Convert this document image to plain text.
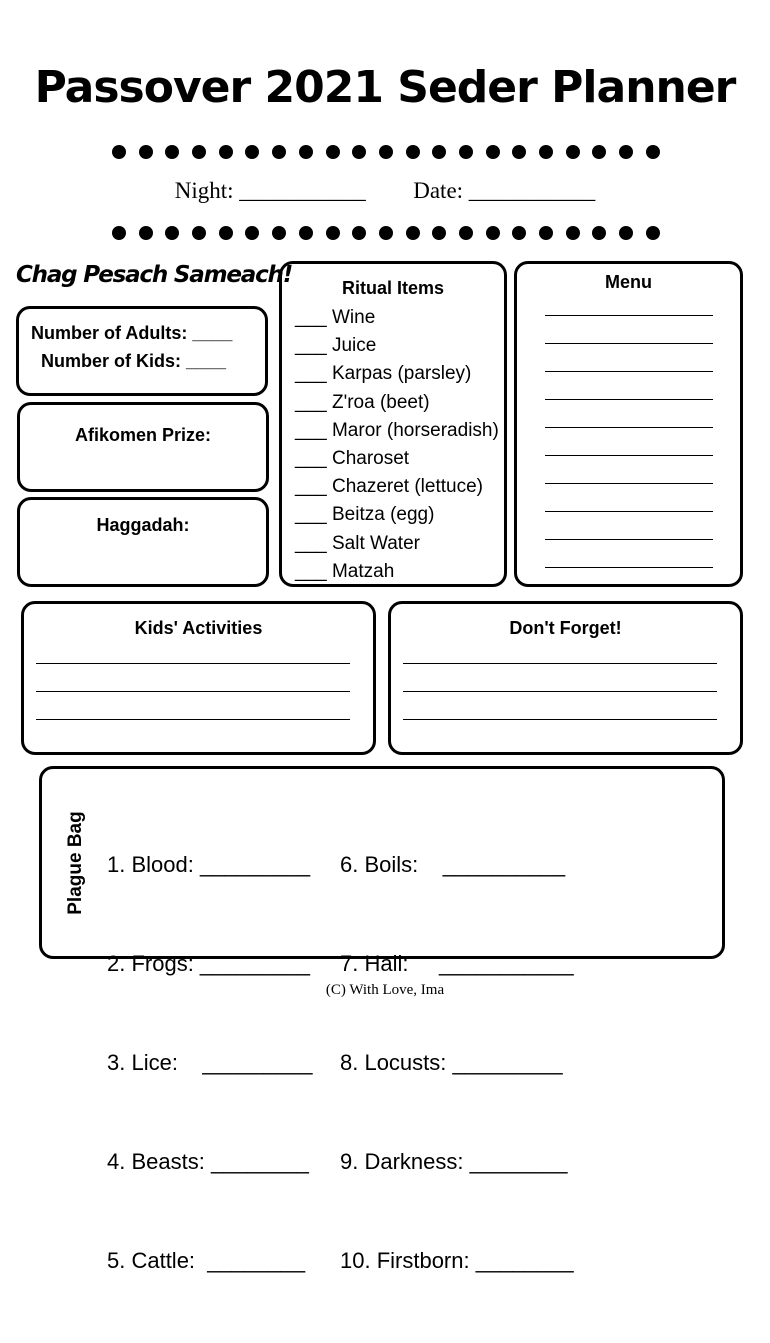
Passover 2021 Seder Planner
Night: ___________ Date: ___________
Chag Pesach Sameach!
Number of Adults: ____
Number of Kids: ____
Afikomen Prize:
Haggadah:
Ritual Items
___ Wine
___ Juice
___ Karpas (parsley)
___ Z'roa (beet)
___ Maror (horseradish)
___ Charoset
___ Chazeret (lettuce)
___ Beitza (egg)
___ Salt Water
___ Matzah
Menu
Kids' Activities	Don't Forget!
Plague Bag

1. Blood: _________

2. Frogs: _________

3. Lice:    _________

4. Beasts: ________

5. Cattle:  ________

6. Boils:    __________

7. Hail:     ___________

8. Locusts: _________

9. Darkness: ________

10. Firstborn: ________

(C) With Love, Ima
